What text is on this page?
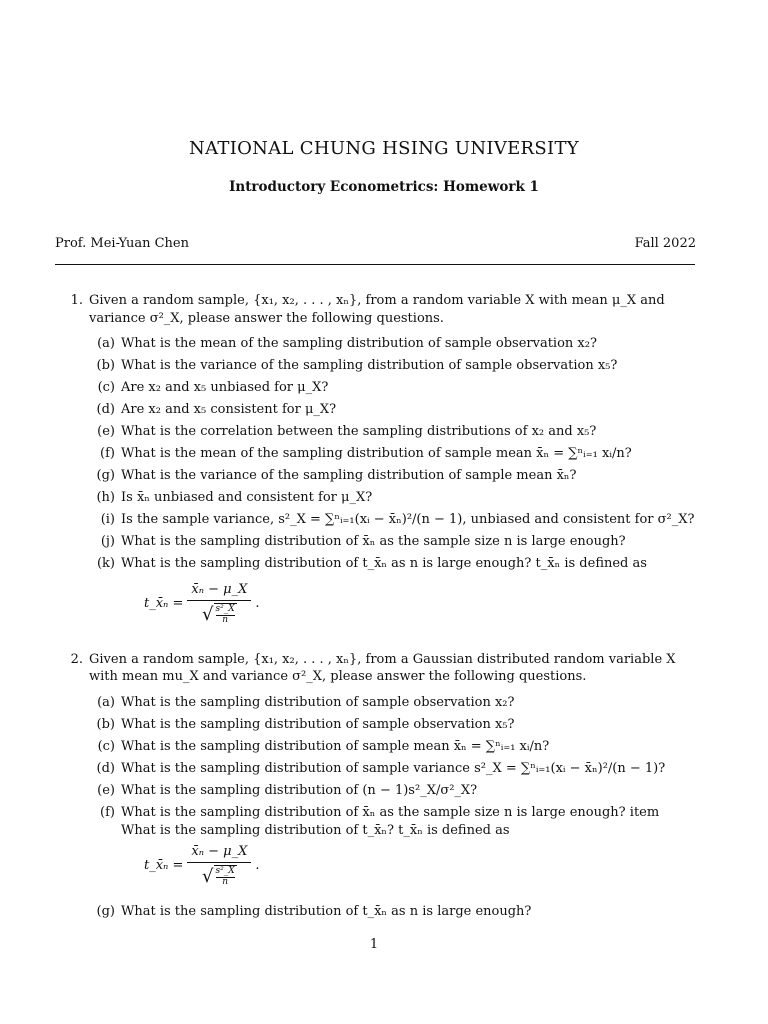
NATIONAL CHUNG HSING UNIVERSITY
Introductory Econometrics: Homework 1
Prof. Mei-Yuan Chen	Fall 2022
1. Given a random sample, {x₁, x₂, . . . , xₙ}, from a random variable X with mean μ_X and variance σ²_X, please answer the following questions.
(a) What is the mean of the sampling distribution of sample observation x₂?
(b) What is the variance of the sampling distribution of sample observation x₅?
(c) Are x₂ and x₅ unbiased for μ_X?
(d) Are x₂ and x₅ consistent for μ_X?
(e) What is the correlation between the sampling distributions of x₂ and x₅?
(f) What is the mean of the sampling distribution of sample mean x̄ₙ = ∑ⁿᵢ₌₁ xᵢ/n?
(g) What is the variance of the sampling distribution of sample mean x̄ₙ?
(h) Is x̄ₙ unbiased and consistent for μ_X?
(i) Is the sample variance, s²_X = ∑ⁿᵢ₌₁(xᵢ − x̄ₙ)²/(n − 1), unbiased and consistent for σ²_X?
(j) What is the sampling distribution of x̄ₙ as the sample size n is large enough?
(k) What is the sampling distribution of t_x̄ₙ as n is large enough? t_x̄ₙ is defined as
t_x̄ₙ = $\frac{\text{x̄ₙ − μ\_X}}{√ \frac{\text{s²\_X}}{n}}$ .
2. Given a random sample, {x₁, x₂, . . . , xₙ}, from a Gaussian distributed random variable X with mean mu_X and variance σ²_X, please answer the following questions.
(a) What is the sampling distribution of sample observation x₂?
(b) What is the sampling distribution of sample observation x₅?
(c) What is the sampling distribution of sample mean x̄ₙ = ∑ⁿᵢ₌₁ xᵢ/n?
(d) What is the sampling distribution of sample variance s²_X = ∑ⁿᵢ₌₁(xᵢ − x̄ₙ)²/(n − 1)?
(e) What is the sampling distribution of (n − 1)s²_X/σ²_X?
(f) What is the sampling distribution of x̄ₙ as the sample size n is large enough? item What is the sampling distribution of t_x̄ₙ? t_x̄ₙ is defined as
t_x̄ₙ = $\frac{\text{x̄ₙ − μ\_X}}{√ \frac{\text{s²\_X}}{n}}$ .
(g) What is the sampling distribution of t_x̄ₙ as n is large enough?
1
